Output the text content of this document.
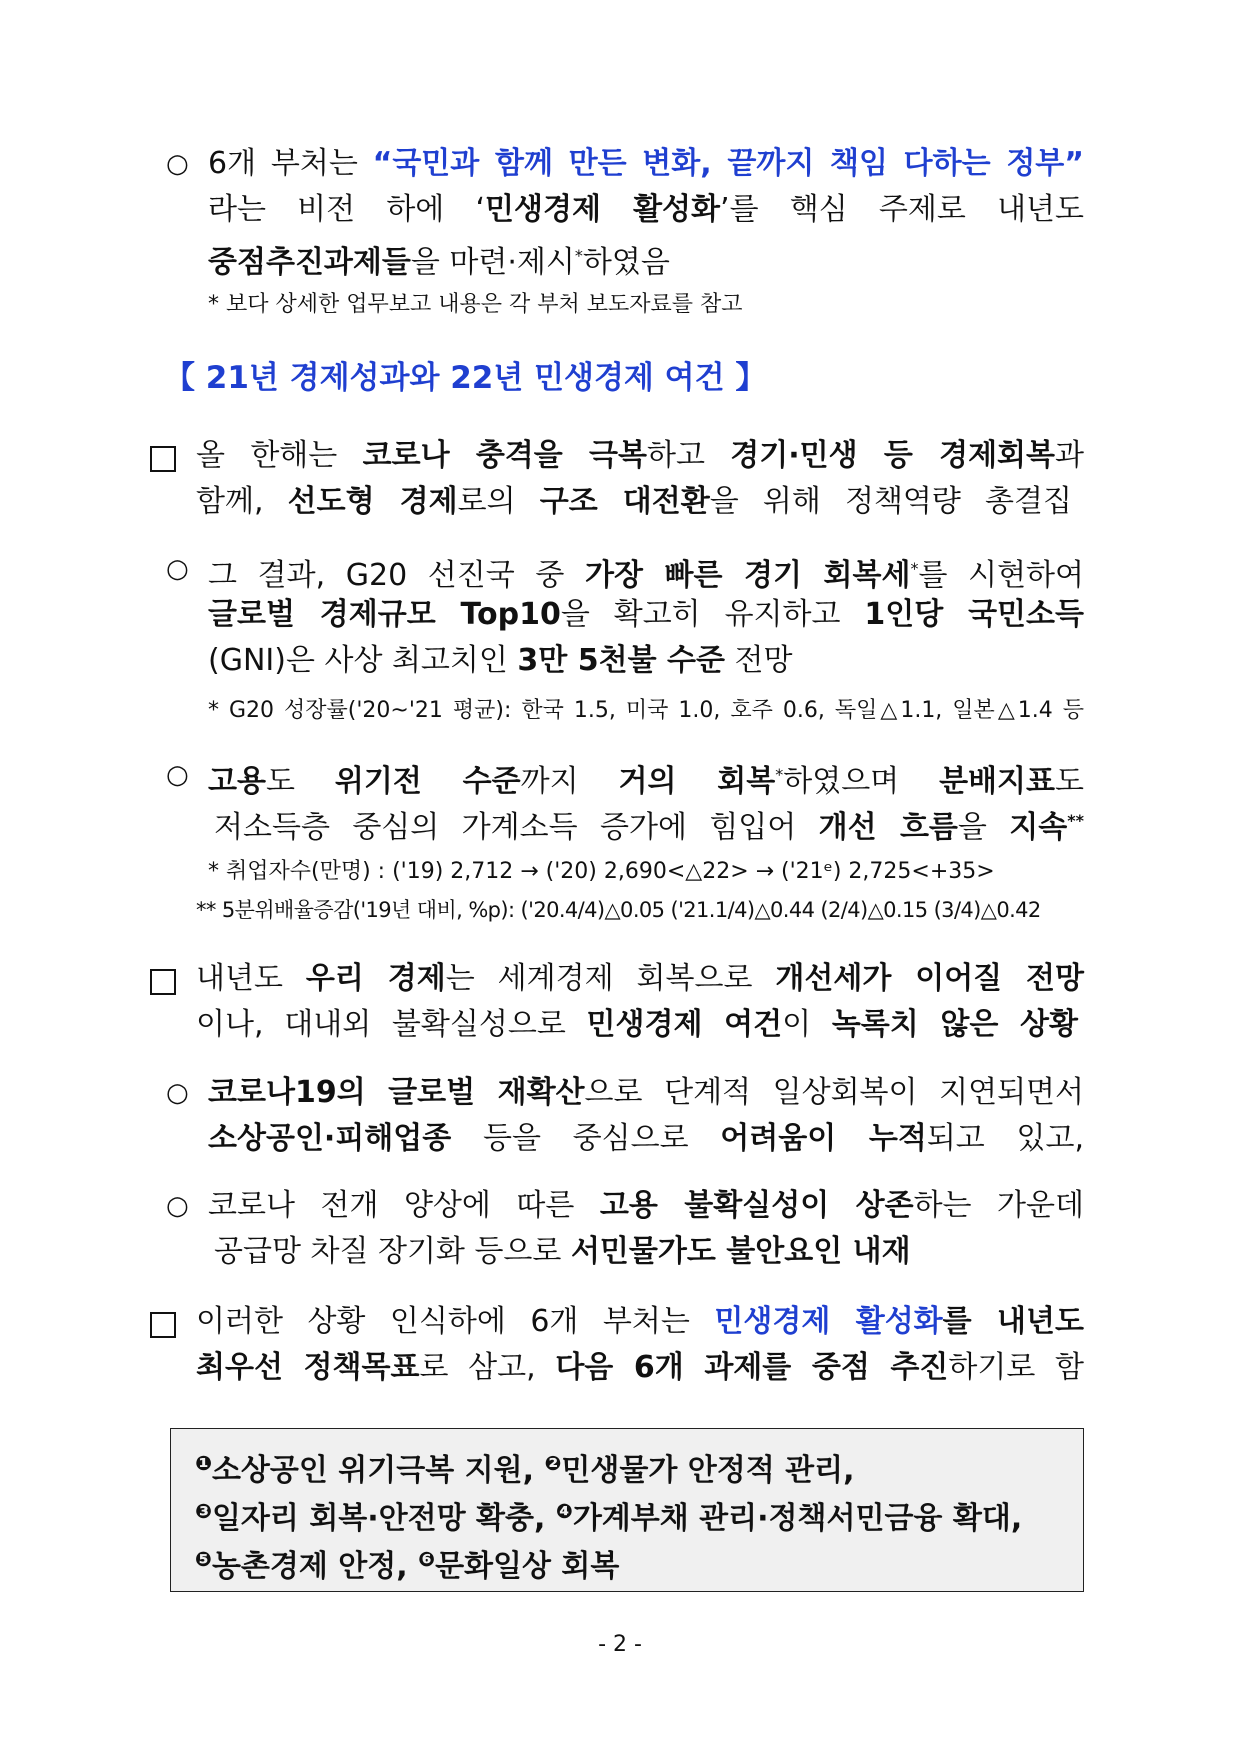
○ 6개 부처는 “국민과 함께 만든 변화, 끝까지 책임 다하는 정부”
라는 비전 하에 ‘민생경제 활성화’를 핵심 주제로 내년도
중점추진과제들을 마련·제시*하였음
* 보다 상세한 업무보고 내용은 각 부처 보도자료를 참고
【 21년 경제성과와 22년 민생경제 여건 】
올 한해는 코로나 충격을 극복하고 경기·민생 등 경제회복과
함께, 선도형 경제로의 구조 대전환을 위해 정책역량 총결집
○ 그 결과, G20 선진국 중 가장 빠른 경기 회복세*를 시현하여
글로벌 경제규모 Top10을 확고히 유지하고 1인당 국민소득
(GNI)은 사상 최고치인 3만 5천불 수준 전망
* G20 성장률('20~'21 평균): 한국 1.5, 미국 1.0, 호주 0.6, 독일△1.1, 일본△1.4 등
○ 고용도 위기전 수준까지 거의 회복*하였으며 분배지표도
저소득층 중심의 가계소득 증가에 힘입어 개선 흐름을 지속**
* 취업자수(만명) : ('19) 2,712 → ('20) 2,690<△22> → ('21ᵉ) 2,725<+35>
** 5분위배율증감('19년 대비, %p): ('20.4/4)△0.05 ('21.1/4)△0.44 (2/4)△0.15 (3/4)△0.42
내년도 우리 경제는 세계경제 회복으로 개선세가 이어질 전망
이나, 대내외 불확실성으로 민생경제 여건이 녹록치 않은 상황
○ 코로나19의 글로벌 재확산으로 단계적 일상회복이 지연되면서
소상공인·피해업종 등을 중심으로 어려움이 누적되고 있고,
○ 코로나 전개 양상에 따른 고용 불확실성이 상존하는 가운데
공급망 차질 장기화 등으로 서민물가도 불안요인 내재
이러한 상황 인식하에 6개 부처는 민생경제 활성화를 내년도
최우선 정책목표로 삼고, 다음 6개 과제를 중점 추진하기로 함
$^❶$소상공인 위기극복 지원, $^❷$민생물가 안정적 관리,
$^❸$일자리 회복·안전망 확충, $^❹$가계부채 관리·정책서민금융 확대,
$^❺$농촌경제 안정, $^❻$문화일상 회복
- 2 -
